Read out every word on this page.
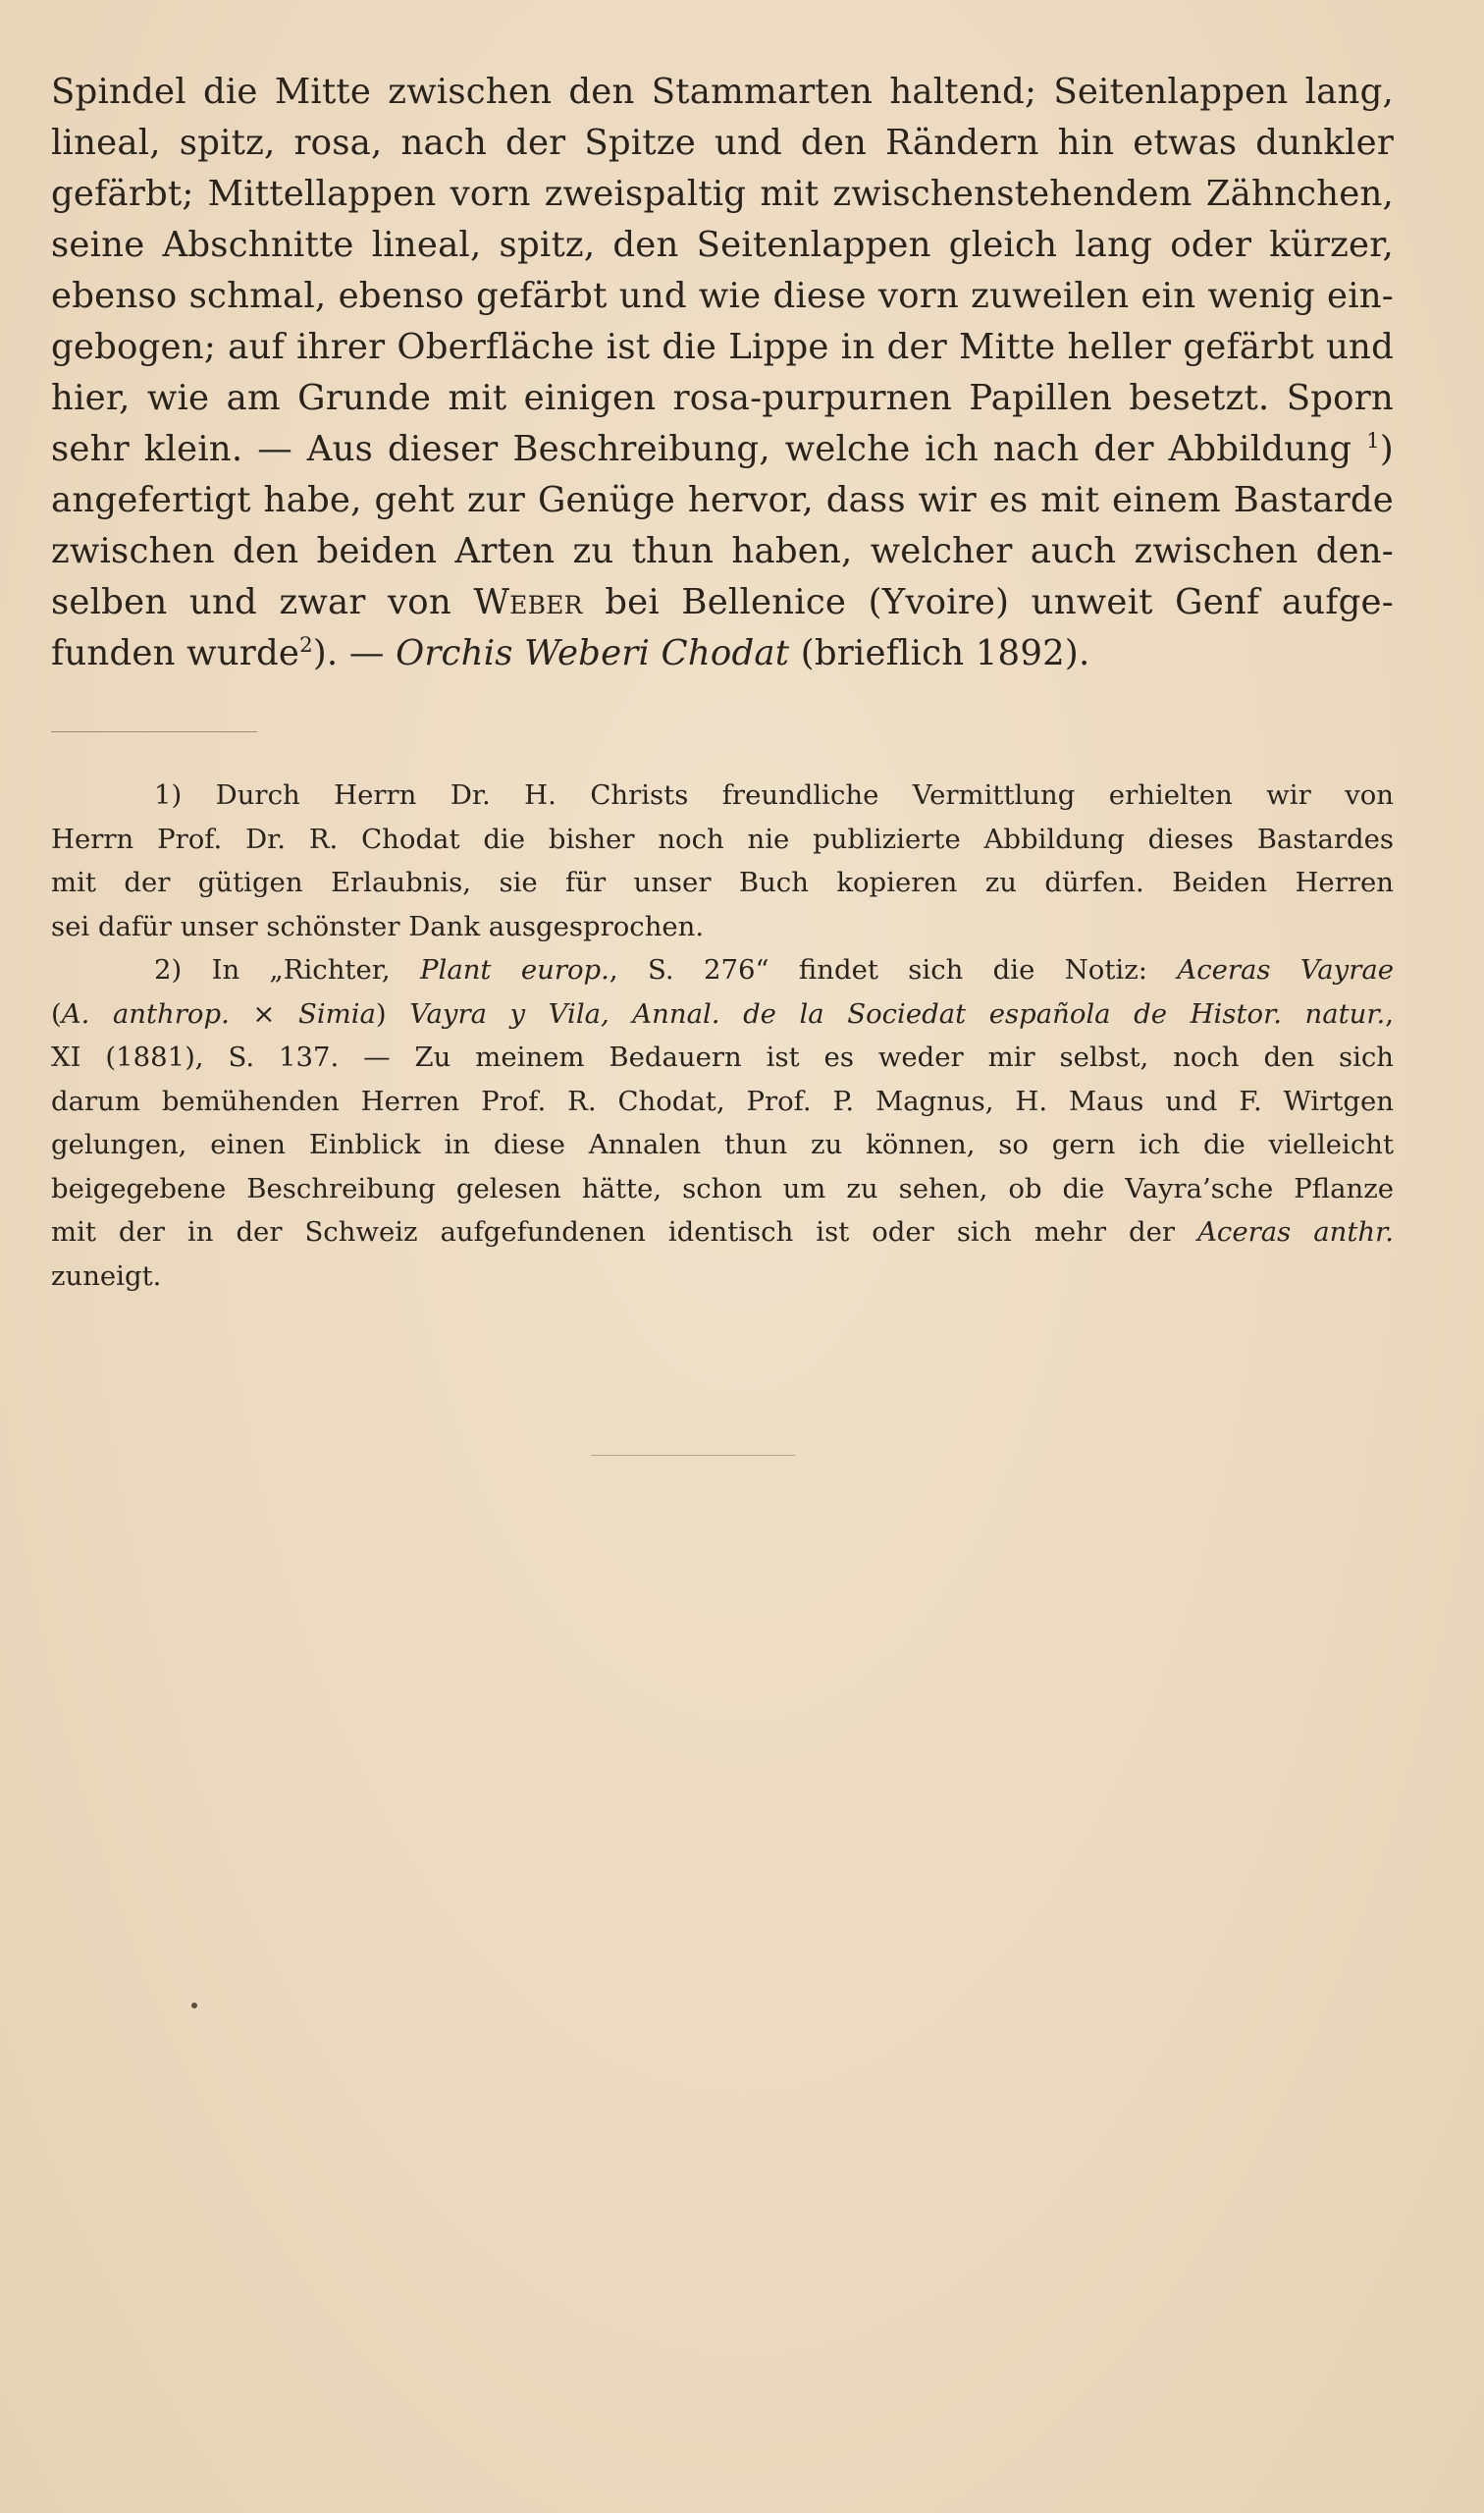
Spindel die Mitte zwischen den Stammarten haltend; Seitenlappen lang,
lineal, spitz, rosa, nach der Spitze und den Rändern hin etwas dunkler
gefärbt; Mittellappen vorn zweispaltig mit zwischenstehendem Zähnchen,
seine Abschnitte lineal, spitz, den Seitenlappen gleich lang oder kürzer,
ebenso schmal, ebenso gefärbt und wie diese vorn zuweilen ein wenig ein-
gebogen; auf ihrer Oberfläche ist die Lippe in der Mitte heller gefärbt und
hier, wie am Grunde mit einigen rosa-purpurnen Papillen besetzt. Sporn
sehr klein. — Aus dieser Beschreibung, welche ich nach der Abbildung $^1$)
angefertigt habe, geht zur Genüge hervor, dass wir es mit einem Bastarde
zwischen den beiden Arten zu thun haben, welcher auch zwischen den-
selben und zwar von Weber bei Bellenice (Yvoire) unweit Genf aufge-
funden wurde$^2$). — Orchis Weberi Chodat (brieflich 1892).
1) Durch Herrn Dr. H. Christs freundliche Vermittlung erhielten wir von
Herrn Prof. Dr. R. Chodat die bisher noch nie publizierte Abbildung dieses Bastardes
mit der gütigen Erlaubnis, sie für unser Buch kopieren zu dürfen. Beiden Herren
sei dafür unser schönster Dank ausgesprochen.
2) In „Richter, Plant europ., S. 276“ findet sich die Notiz: Aceras Vayrae
(A. anthrop. × Simia) Vayra y Vila, Annal. de la Sociedat española de Histor. natur.,
XI (1881), S. 137. — Zu meinem Bedauern ist es weder mir selbst, noch den sich
darum bemühenden Herren Prof. R. Chodat, Prof. P. Magnus, H. Maus und F. Wirtgen
gelungen, einen Einblick in diese Annalen thun zu können, so gern ich die vielleicht
beigegebene Beschreibung gelesen hätte, schon um zu sehen, ob die Vayra’sche Pflanze
mit der in der Schweiz aufgefundenen identisch ist oder sich mehr der Aceras anthr.
zuneigt.
